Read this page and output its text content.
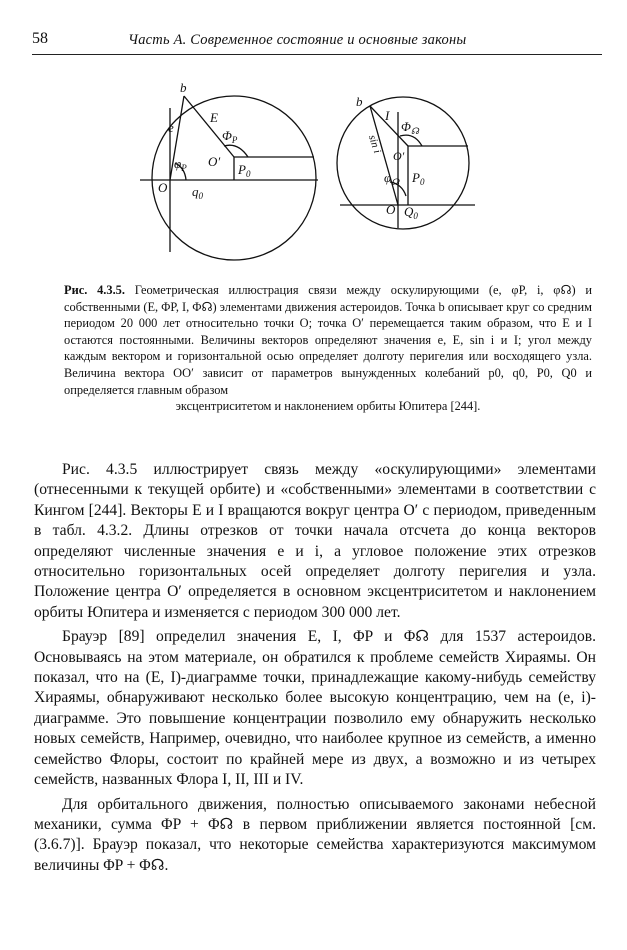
58	Часть А. Современное состояние и основные законы
b
e
E
$\Phi_P$
$\varphi_P$ O′
$P_0$
O $q_0$
b
I
sin i
$\Phi_☊$
O′
$\varphi_☊$ $P_0$
O $Q_0$

Рис. 4.3.5. Геометрическая иллюстрация связи между оскулирующими (e, φP, i, φ☊) и собственными (E, ΦP, I, Φ☊) элементами движения астероидов. Точка b описывает круг со средним периодом 20 000 лет относительно точки O; точка O′ перемещается таким образом, что E и I остаются постоянными. Величины векторов определяют значения e, E, sin i и I; угол между каждым вектором и горизонтальной осью определяет долготу перигелия или восходящего узла. Величина вектора OO′ зависит от параметров вынужденных колебаний p0, q0, P0, Q0 и определяется главным образом

эксцентриситетом и наклонением орбиты Юпитера [244].

Рис. 4.3.5 иллюстрирует связь между «оскулирующими» элементами (отнесенными к текущей орбите) и «собственными» элементами в соответствии с Кингом [244]. Векторы E и I вращаются вокруг центра O′ с периодом, приведенным в табл. 4.3.2. Длины отрезков от точки начала отсчета до конца векторов определяют численные значения e и i, а угловое положение этих отрезков относительно горизонтальных осей определяет долготу перигелия и узла. Положение центра O′ определяется в основном эксцентриситетом и наклонением орбиты Юпитера и изменяется с периодом 300 000 лет.

Брауэр [89] определил значения E, I, ΦP и Φ☊ для 1537 астероидов. Основываясь на этом материале, он обратился к проблеме семейств Хираямы. Он показал, что на (E, I)-диаграмме точки, принадлежащие какому-нибудь семейству Хираямы, обнаруживают несколько более высокую концентрацию, чем на (e, i)-диаграмме. Это повышение концентрации позволило ему обнаружить несколько новых семейств, Например, очевидно, что наиболее крупное из семейств, а именно семейство Флоры, состоит по крайней мере из двух, а возможно и из четырех семейств, названных Флора I, II, III и IV.

Для орбитального движения, полностью описываемого законами небесной механики, сумма ΦP + Φ☊ в первом приближении является постоянной [см. (3.6.7)]. Брауэр показал, что некоторые семейства характеризуются максимумом величины ΦP + Φ☊.
